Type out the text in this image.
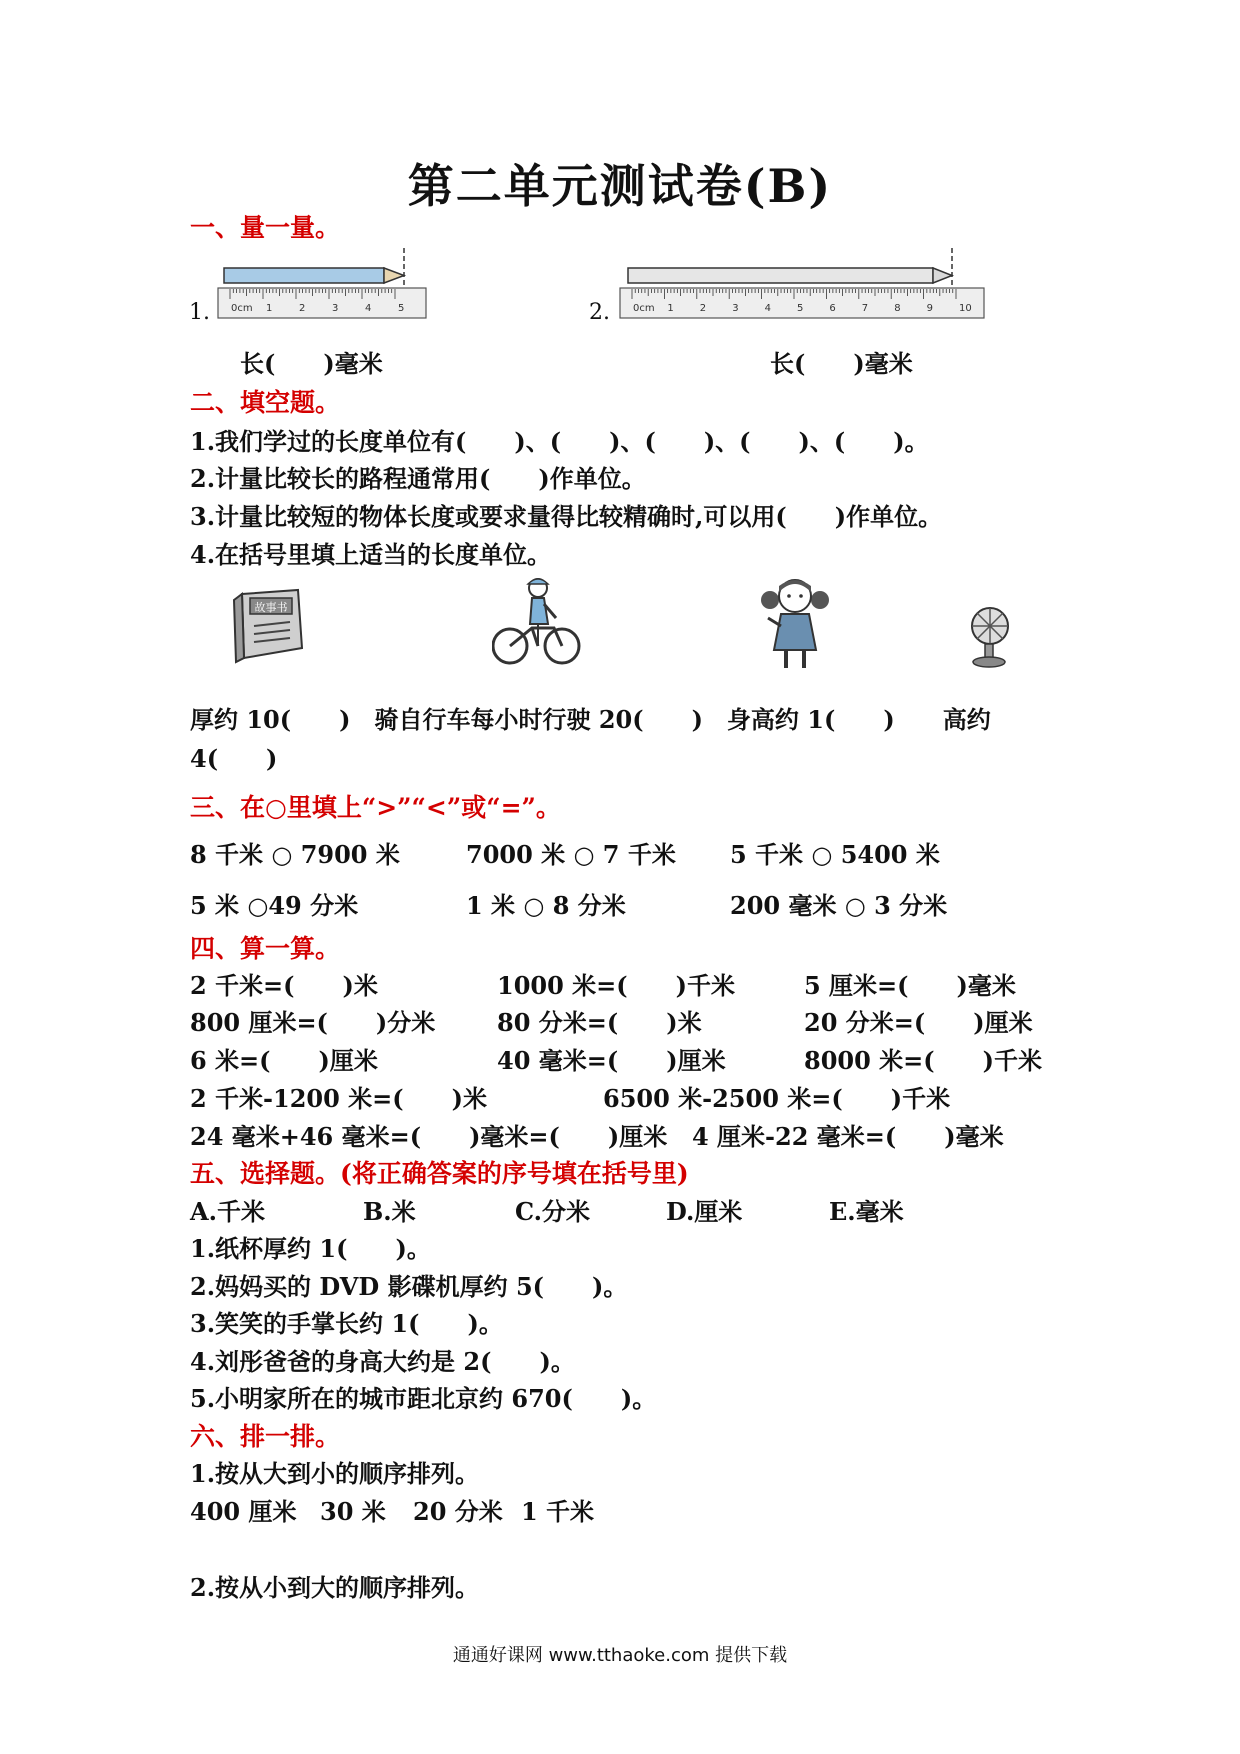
第二单元测试卷(B)
一、量一量。
1. 0cm 1	2	3	4	5	2. 0cm 1	2	3	4	5	6	7	8	9	10
长(　　)毫米	长(　　)毫米
二、填空题。
1.我们学过的长度单位有(　　)、(　　)、(　　)、(　　)、(　　)。
2.计量比较长的路程通常用(　　)作单位。
3.计量比较短的物体长度或要求量得比较精确时,可以用(　　)作单位。
4.在括号里填上适当的长度单位。
故事书
厚约 10(　　)　骑自行车每小时行驶 20(　　)　身高约 1(　　)　　高约
4(　　)
三、在○里填上“>”“<”或“=”。
8 千米 ○ 7900 米	7000 米 ○ 7 千米 5 千米 ○ 5400 米
5 米 ○49 分米	1 米 ○ 8 分米	200 毫米 ○ 3 分米
四、算一算。
2 千米=(　　)米	1000 米=(　　)千米	5 厘米=(　　)毫米
800 厘米=(　　)分米	80 分米=(　　)米	20 分米=(　　)厘米
6 米=(　　)厘米	40 毫米=(　　)厘米	8000 米=(　　)千米
2 千米-1200 米=(　　)米	6500 米-2500 米=(　　)千米
24 毫米+46 毫米=(　　)毫米=(　　)厘米 4 厘米-22 毫米=(　　)毫米
五、选择题。(将正确答案的序号填在括号里)
A.千米	B.米	C.分米	D.厘米	E.毫米
1.纸杯厚约 1(　　)。
2.妈妈买的 DVD 影碟机厚约 5(　　)。
3.笑笑的手掌长约 1(　　)。
4.刘彤爸爸的身高大约是 2(　　)。
5.小明家所在的城市距北京约 670(　　)。
六、排一排。
1.按从大到小的顺序排列。
400 厘米 30 米 20 分米 1 千米
2.按从小到大的顺序排列。
通通好课网 www.tthaoke.com 提供下载
